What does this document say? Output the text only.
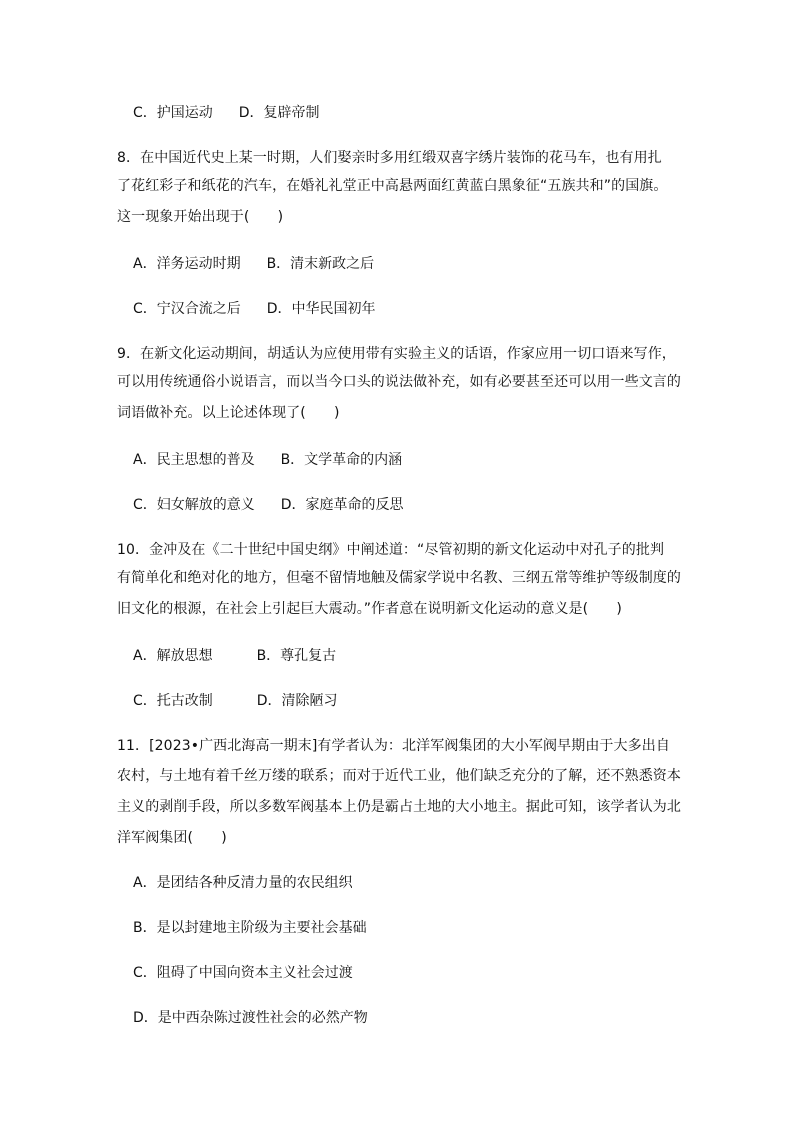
C．护国运动 D．复辟帝制
8．在中国近代史上某一时期，人们娶亲时多用红缎双喜字绣片装饰的花马车，也有用扎
了花红彩子和纸花的汽车，在婚礼礼堂正中高悬两面红黄蓝白黑象征“五族共和”的国旗。
这一现象开始出现于(　　)
A．洋务运动时期 B．清末新政之后
C．宁汉合流之后 D．中华民国初年
9．在新文化运动期间，胡适认为应使用带有实验主义的话语，作家应用一切口语来写作，
可以用传统通俗小说语言，而以当今口头的说法做补充，如有必要甚至还可以用一些文言的
词语做补充。以上论述体现了(　　)
A．民主思想的普及 B．文学革命的内涵
C．妇女解放的意义 D．家庭革命的反思
10．金冲及在《二十世纪中国史纲》中阐述道：“尽管初期的新文化运动中对孔子的批判
有简单化和绝对化的地方，但毫不留情地触及儒家学说中名教、三纲五常等维护等级制度的
旧文化的根源，在社会上引起巨大震动。”作者意在说明新文化运动的意义是(　　)
A．解放思想	B．尊孔复古
C．托古改制	D．清除陋习
11．[2023•广西北海高一期末]有学者认为：北洋军阀集团的大小军阀早期由于大多出自
农村，与土地有着千丝万缕的联系；而对于近代工业，他们缺乏充分的了解，还不熟悉资本
主义的剥削手段，所以多数军阀基本上仍是霸占土地的大小地主。据此可知，该学者认为北
洋军阀集团(　　)
A．是团结各种反清力量的农民组织
B．是以封建地主阶级为主要社会基础
C．阻碍了中国向资本主义社会过渡
D．是中西杂陈过渡性社会的必然产物
